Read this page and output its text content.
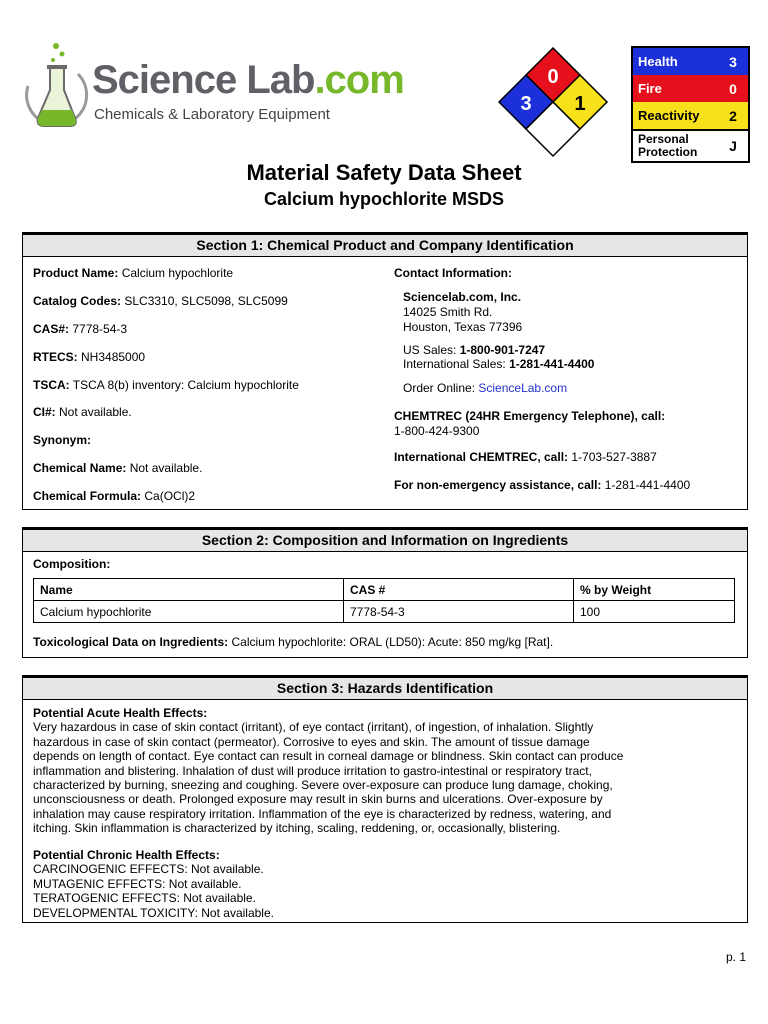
Science Lab.com
Chemicals & Laboratory Equipment
0
3 1
Health	3
Fire	0
Reactivity	2
Personal Protection	J
Material Safety Data Sheet
Calcium hypochlorite MSDS
Section 1: Chemical Product and Company Identification
Product Name: Calcium hypochlorite
Catalog Codes: SLC3310, SLC5098, SLC5099
CAS#: 7778-54-3
RTECS: NH3485000
TSCA: TSCA 8(b) inventory: Calcium hypochlorite
CI#: Not available.
Synonym:
Chemical Name: Not available.
Chemical Formula: Ca(OCl)2
Contact Information:
Sciencelab.com, Inc.
14025 Smith Rd.
Houston, Texas 77396
US Sales: 1-800-901-7247
International Sales: 1-281-441-4400
Order Online: ScienceLab.com
CHEMTREC (24HR Emergency Telephone), call:
1-800-424-9300
International CHEMTREC, call: 1-703-527-3887
For non-emergency assistance, call: 1-281-441-4400
Section 2: Composition and Information on Ingredients
Composition:
Name	CAS #	% by Weight
Calcium hypochlorite	7778-54-3	100
Toxicological Data on Ingredients: Calcium hypochlorite: ORAL (LD50): Acute: 850 mg/kg [Rat].
Section 3: Hazards Identification
Potential Acute Health Effects:
Very hazardous in case of skin contact (irritant), of eye contact (irritant), of ingestion, of inhalation. Slightly
hazardous in case of skin contact (permeator). Corrosive to eyes and skin. The amount of tissue damage
depends on length of contact. Eye contact can result in corneal damage or blindness. Skin contact can produce
inflammation and blistering. Inhalation of dust will produce irritation to gastro-intestinal or respiratory tract,
characterized by burning, sneezing and coughing. Severe over-exposure can produce lung damage, choking,
unconsciousness or death. Prolonged exposure may result in skin burns and ulcerations. Over-exposure by
inhalation may cause respiratory irritation. Inflammation of the eye is characterized by redness, watering, and
itching. Skin inflammation is characterized by itching, scaling, reddening, or, occasionally, blistering.
Potential Chronic Health Effects:
CARCINOGENIC EFFECTS: Not available.
MUTAGENIC EFFECTS: Not available.
TERATOGENIC EFFECTS: Not available.
DEVELOPMENTAL TOXICITY: Not available.
p. 1
